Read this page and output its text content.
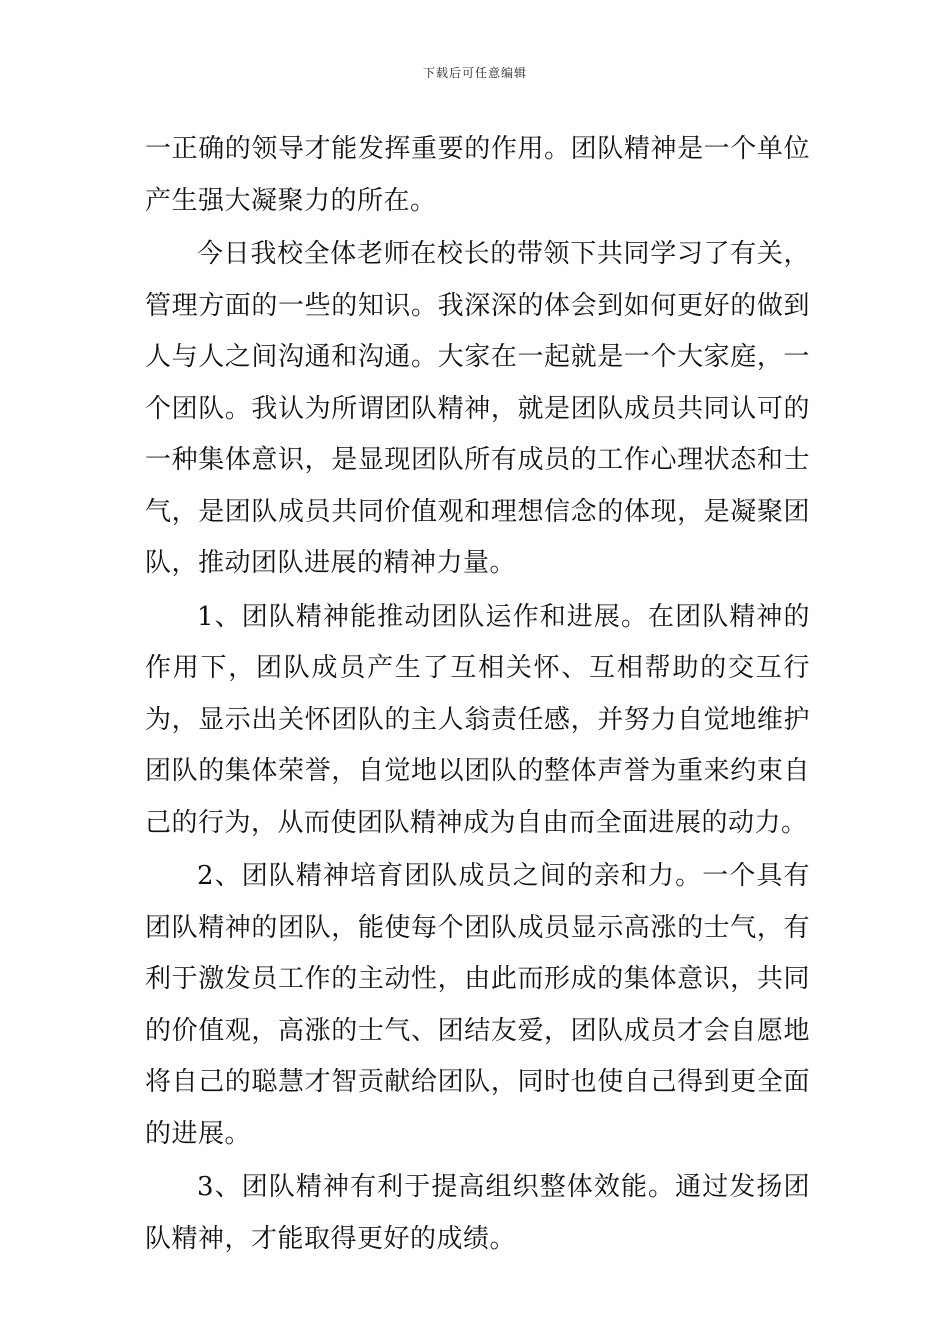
下载后可任意编辑

一正确的领导才能发挥重要的作用。团队精神是一个单位产生强大凝聚力的所在。

今日我校全体老师在校长的带领下共同学习了有关，管理方面的一些的知识。我深深的体会到如何更好的做到人与人之间沟通和沟通。大家在一起就是一个大家庭，一个团队。我认为所谓团队精神，就是团队成员共同认可的一种集体意识，是显现团队所有成员的工作心理状态和士气，是团队成员共同价值观和理想信念的体现，是凝聚团队，推动团队进展的精神力量。

1、团队精神能推动团队运作和进展。在团队精神的作用下，团队成员产生了互相关怀、互相帮助的交互行为，显示出关怀团队的主人翁责任感，并努力自觉地维护团队的集体荣誉，自觉地以团队的整体声誉为重来约束自己的行为，从而使团队精神成为自由而全面进展的动力。

2、团队精神培育团队成员之间的亲和力。一个具有团队精神的团队，能使每个团队成员显示高涨的士气，有利于激发员工作的主动性，由此而形成的集体意识，共同的价值观，高涨的士气、团结友爱，团队成员才会自愿地将自己的聪慧才智贡献给团队，同时也使自己得到更全面的进展。

3、团队精神有利于提高组织整体效能。通过发扬团队精神，才能取得更好的成绩。
